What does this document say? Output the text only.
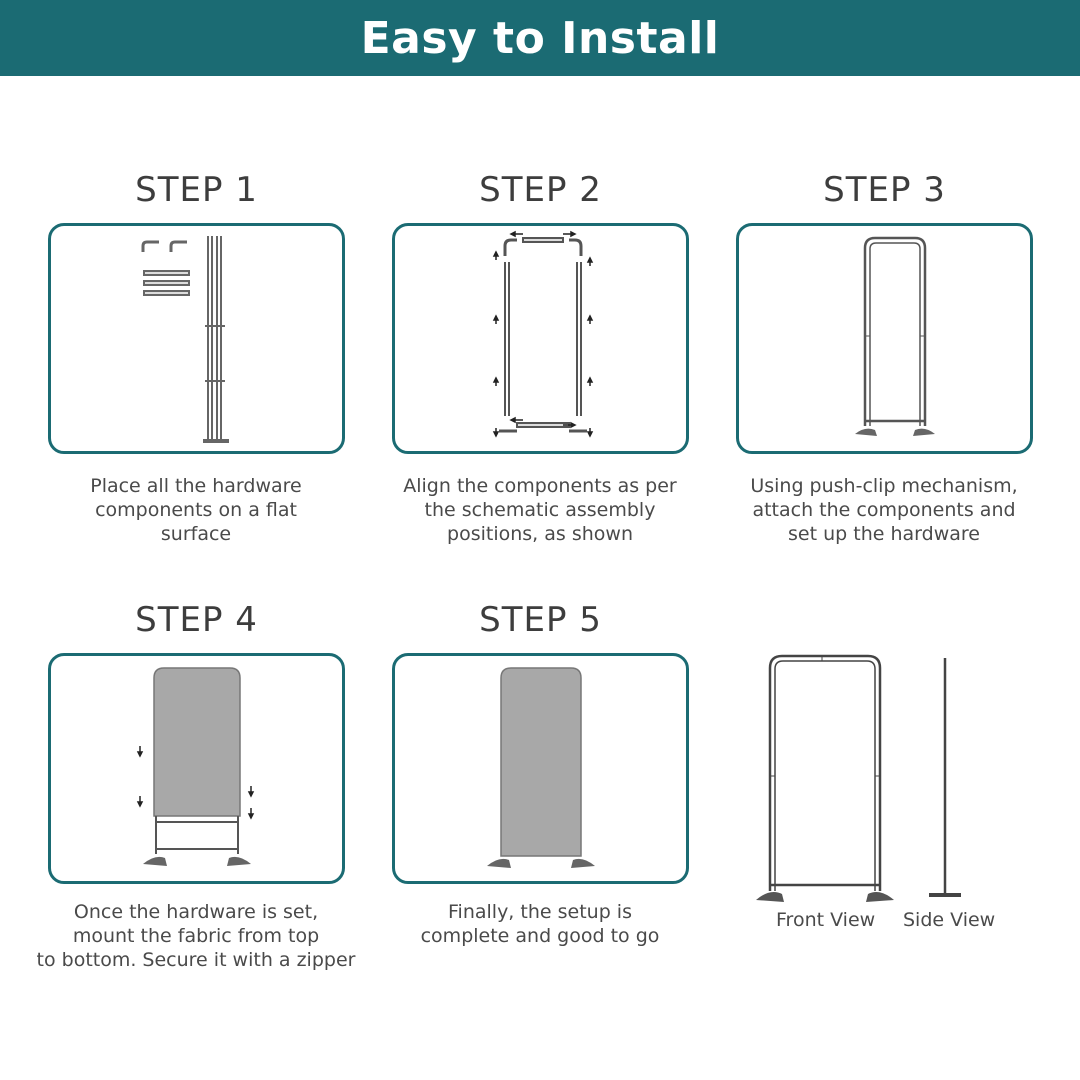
Easy to Install
STEP 1
Place all the hardware
components on a flat
surface
STEP 2
Align the components as per
the schematic assembly
positions, as shown
STEP 3
Using push-clip mechanism,
attach the components and
set up the hardware
STEP 4
Once the hardware is set,
mount the fabric from top
to bottom. Secure it with a zipper
STEP 5
Finally, the setup is
complete and good to go
Front View Side View
